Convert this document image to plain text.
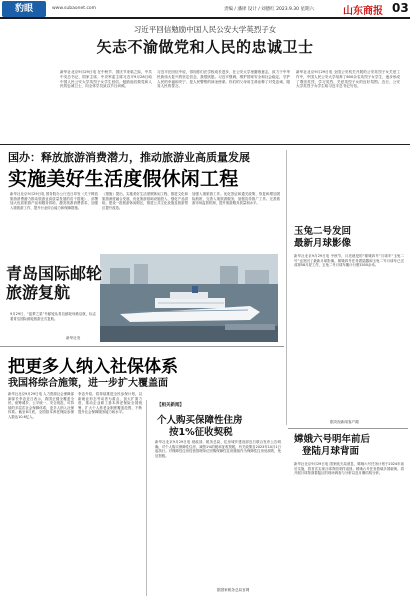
豹眼	www.subaonet.com	责编 / 潘铎 设计 / 刘德红 2023.9.30 星期六	山东商报 03
习近平回信勉励中国人民公安大学英烈子女
矢志不渝做党和人民的忠诚卫士
新华社北京9月29日电 在中秋节、国庆节来临之际，中共中央总书记、国家主席、中央军委主席习近平9月28日给中国人民公安大学英烈子女学生回信，勉励他们做党和人民的忠诚卫士，向全体学员致以节日问候。
习近平在回信中说，得知你们在学校成长进步，在公安大学里磨练意志，致力于中华民族伟大复兴的坚定信念，我很欣慰。习近平强调，维护国家安全和社会稳定，守护人民的幸福和安宁，是人民警察的神圣使命。你们的父母用生命诠释了对党忠诚、服务人民的誓言。
新华社北京9月29日电 全国公安机关开展的公安英烈子女关爱工作中，中国人民公安大学培养了600余名英烈子女学生，逐步形成了尊崇英烈、学习英烈、关爱英烈子女的良好氛围。近日，公安大学英烈子女学生给习近平总书记写信。
国办：释放旅游消费潜力，推动旅游业高质量发展
实施美好生活度假休闲工程
新华社北京9月29日电 国务院办公厅近日印发《关于释放旅游消费潜力推动旅游业高质量发展的若干措施》，部署加大优质旅游产品和服务供给、激发旅游消费需求、加强入境旅游工作、提升行业综合能力和保障措施。
《措施》提出，实施美好生活度假休闲工程、推进文化和旅游深度融合发展、优化旅游基础设施投入、强化产品供给。建设一批旅游休闲街区，推进公共文化设施及旅游景区提升改造。
加强入境旅游工作。优化签证和通关政策，恢复和增加国际航班，完善入境旅游服务，加强宣传推广工作。完善旅游市场监管机制，提升旅游服务质量和水平。
青岛国际邮轮
旅游复航
9月29日，“蓝梦之星”号邮轮从青岛邮轮母港启航，标志着青岛国际邮轮旅游正式复航。
新华社发
玉兔二号发回
最新月球影像
新华社北京9月29日电 中秋节，月亮就是的“嫦娥四号”月球车“玉兔二号”也发回了最新月球影像。嫦娥四号任务着陆器和玉兔二号月球车已完成第58月昼工作，玉兔二号月球车累计行驶1500余米。
据央视新闻客户端
把更多人纳入社保体系
我国将综合施策，进一步扩大覆盖面
新华社北京9月29日电 人力资源社会保障部副部长李忠近日表示，我国正健全覆盖全民、统筹城乡、公平统一、安全规范、可持续的多层次社会保障体系，更多人纳入社保体系。截至8月底，全国基本养老保险参保人数达10.6亿人。
李忠介绍，将持续推进全民参保计划，以新就业形态劳动者为重点，加大扩面力度，推动企业职工基本养老保险全国统筹，扩大个人养老金制度覆盖范围，不断提升社会保障服务能力和水平。
【相关新闻】
个人购买保障性住房
按1%征收契税
新华社北京9月29日电 财政部、税务总局、住房城乡建设部近日联合发布公告明确，对个人购买保障性住房，减按1%的税率征收契税，有关政策自2023年10月1日起执行。对保障性住房经营管理单位回购保障性住房继续作为保障性住房房源的，免征契税。
据国家税务总局官网
嫦娥六号明年前后
登陆月球背面
新华社北京9月29日电 国家航天局消息，嫦娥六号任务计划于2024年前后实施，将首次实现月球背面采样返回。嫦娥六号任务搭载多国载荷，将开展月球背面着陆区的现场调查与分析以及月壤结构分析。
